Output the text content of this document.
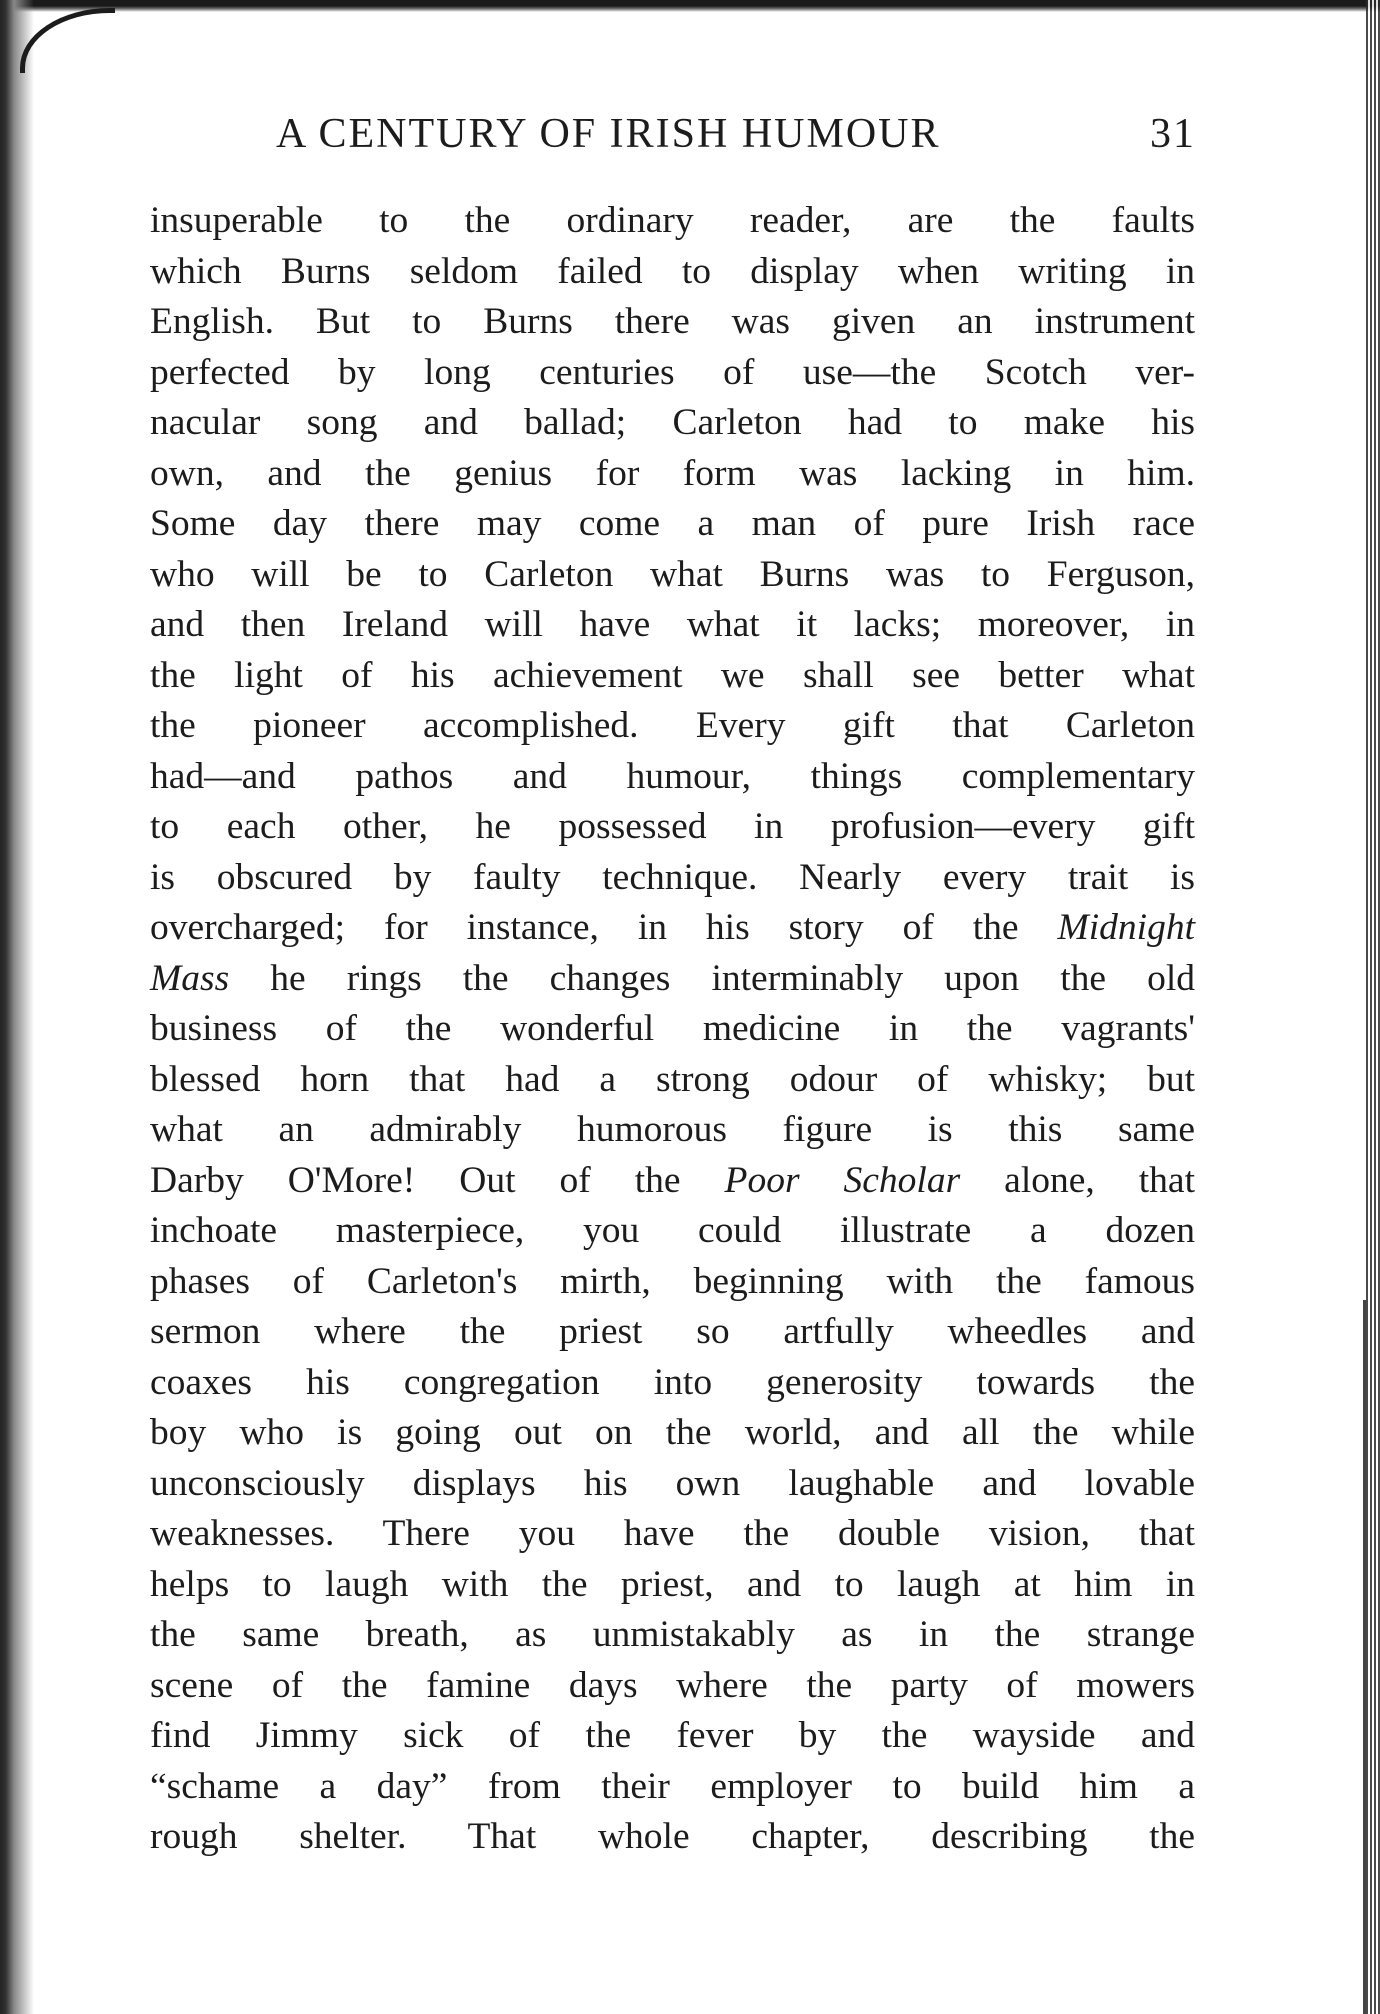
A CENTURY OF IRISH HUMOUR	31
insuperable to the ordinary reader, are the faults
which Burns seldom failed to display when writing in
English. But to Burns there was given an instrument
perfected by long centuries of use—the Scotch ver-
nacular song and ballad; Carleton had to make his
own, and the genius for form was lacking in him.
Some day there may come a man of pure Irish race
who will be to Carleton what Burns was to Ferguson,
and then Ireland will have what it lacks; moreover, in
the light of his achievement we shall see better what
the pioneer accomplished. Every gift that Carleton
had—and pathos and humour, things complementary
to each other, he possessed in profusion—every gift
is obscured by faulty technique. Nearly every trait is
overcharged; for instance, in his story of the Midnight
Mass he rings the changes interminably upon the old
business of the wonderful medicine in the vagrants'
blessed horn that had a strong odour of whisky; but
what an admirably humorous figure is this same
Darby O'More! Out of the Poor Scholar alone, that
inchoate masterpiece, you could illustrate a dozen
phases of Carleton's mirth, beginning with the famous
sermon where the priest so artfully wheedles and
coaxes his congregation into generosity towards the
boy who is going out on the world, and all the while
unconsciously displays his own laughable and lovable
weaknesses. There you have the double vision, that
helps to laugh with the priest, and to laugh at him in
the same breath, as unmistakably as in the strange
scene of the famine days where the party of mowers
find Jimmy sick of the fever by the wayside and
“schame a day” from their employer to build him a
rough shelter. That whole chapter, describing the
